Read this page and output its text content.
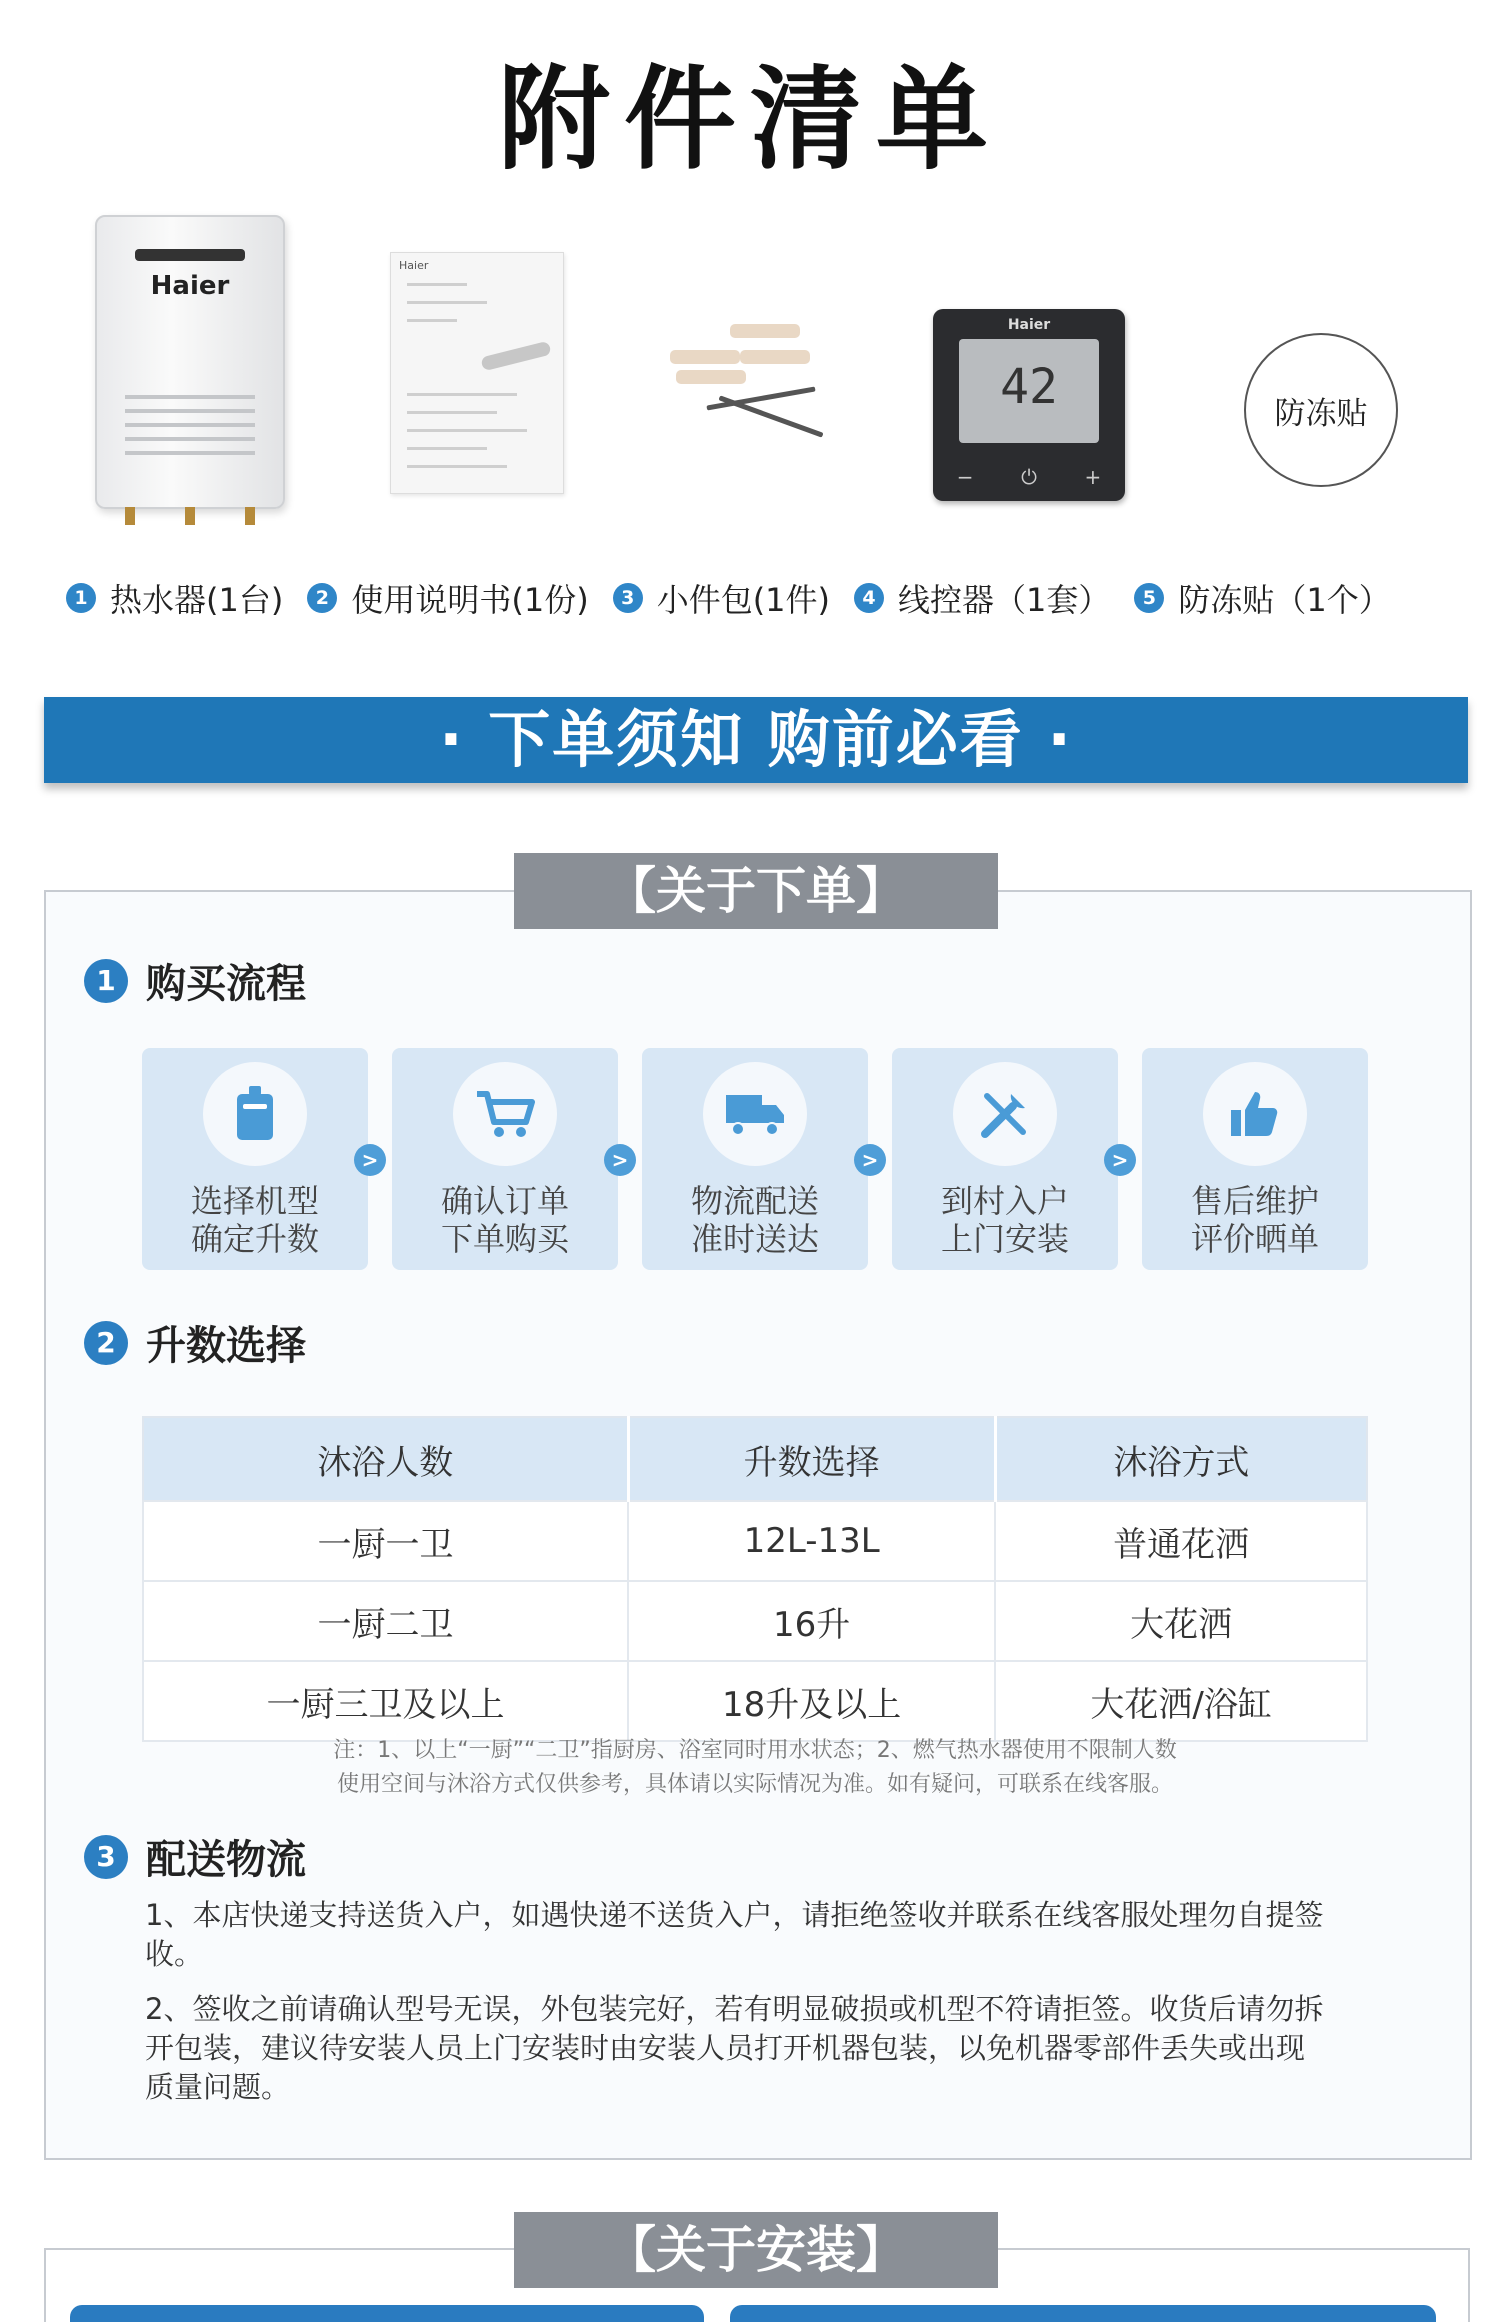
附件清单
Haier
Haier
Haier
42
− ⏻ +
防冻贴
1 热水器(1台)	2 使用说明书(1份)	3 小件包(1件)	4 线控器（1套）	5 防冻贴（1个）
· 下单须知 购前必看 ·
【关于下单】
1 购买流程
选择机型
确定升数
确认订单
下单购买
物流配送
准时送达
到村入户
上门安装
售后维护
评价晒单
>	>	>	>
2 升数选择
沐浴人数	升数选择	沐浴方式
一厨一卫	12L-13L	普通花洒
一厨二卫	16升	大花洒
一厨三卫及以上	18升及以上	大花洒/浴缸
注：1、以上“一厨”“二卫”指厨房、浴室同时用水状态；2、燃气热水器使用不限制人数
使用空间与沐浴方式仅供参考，具体请以实际情况为准。如有疑问，可联系在线客服。
3 配送物流
1、本店快递支持送货入户，如遇快递不送货入户，请拒绝签收并联系在线客服处理勿自提签收。
2、签收之前请确认型号无误，外包装完好，若有明显破损或机型不符请拒签。收货后请勿拆开包装，建议待安装人员上门安装时由安装人员打开机器包装，以免机器零部件丢失或出现质量问题。
【关于安装】
